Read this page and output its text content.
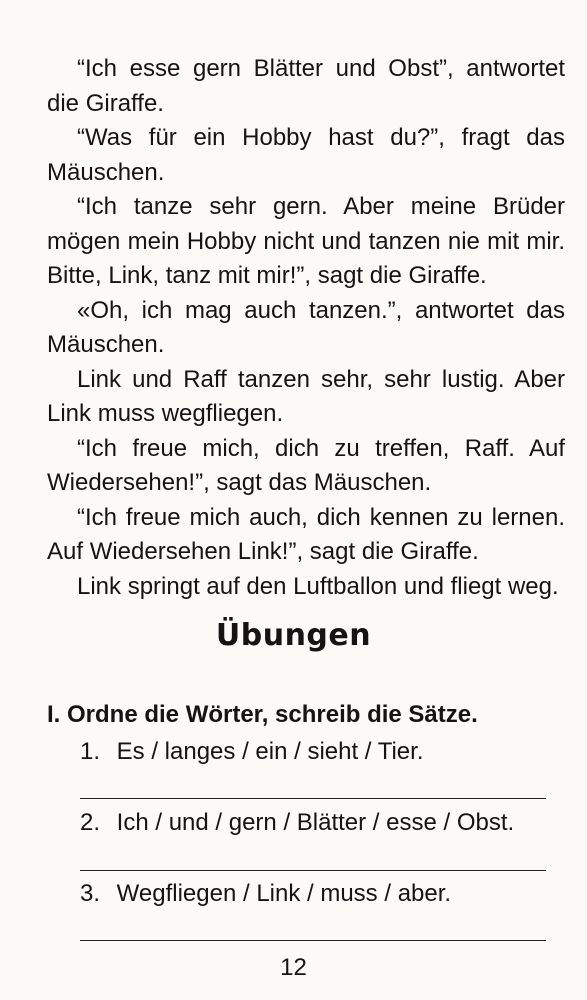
“Ich esse gern Blätter und Obst”, antwortet die Giraffe.

“Was für ein Hobby hast du?”, fragt das Mäuschen.

“Ich tanze sehr gern. Aber meine Brüder mögen mein Hobby nicht und tanzen nie mit mir. Bitte, Link, tanz mit mir!”, sagt die Giraffe.

«Oh, ich mag auch tanzen.”, antwortet das Mäuschen.

Link und Raff tanzen sehr, sehr lustig. Aber Link muss wegfliegen.

“Ich freue mich, dich zu treffen, Raff. Auf Wiedersehen!”, sagt das Mäuschen.

“Ich freue mich auch, dich kennen zu lernen. Auf Wiedersehen Link!”, sagt die Giraffe.

Link springt auf den Luftballon und fliegt weg.

Übungen
I. Ordne die Wörter, schreib die Sätze.
1. Es / langes / ein / sieht / Tier.
2. Ich / und / gern / Blätter / esse / Obst.
3. Wegfliegen / Link / muss / aber.
12
